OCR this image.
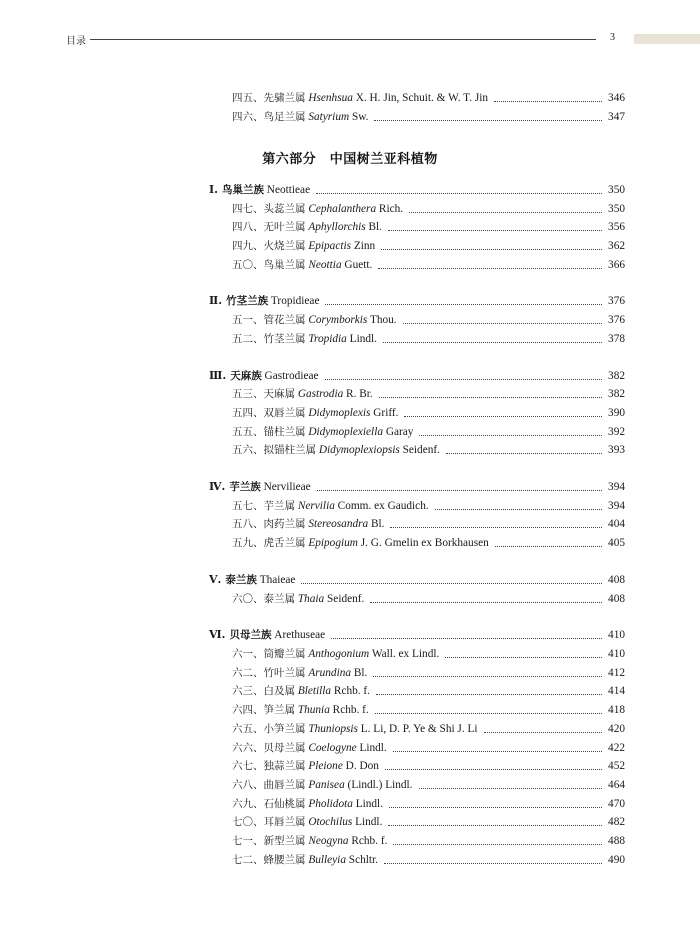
目录	3
第六部分　中国树兰亚科植物
四五、先骕兰属 Hsenhsua X. H. Jin, Schuit. & W. T. Jin	346
四六、鸟足兰属 Satyrium Sw.	347
Ⅰ. 鸟巢兰族 Neottieae	350
四七、头蕊兰属 Cephalanthera Rich.	350
四八、无叶兰属 Aphyllorchis Bl.	356
四九、火烧兰属 Epipactis Zinn	362
五〇、鸟巢兰属 Neottia Guett.	366
Ⅱ. 竹茎兰族 Tropidieae	376
五一、管花兰属 Corymborkis Thou.	376
五二、竹茎兰属 Tropidia Lindl.	378
Ⅲ. 天麻族 Gastrodieae	382
五三、天麻属 Gastrodia R. Br.	382
五四、双唇兰属 Didymoplexis Griff.	390
五五、锚柱兰属 Didymoplexiella Garay	392
五六、拟锚柱兰属 Didymoplexiopsis Seidenf.	393
Ⅳ. 芋兰族 Nervilieae	394
五七、芋兰属 Nervilia Comm. ex Gaudich.	394
五八、肉药兰属 Stereosandra Bl.	404
五九、虎舌兰属 Epipogium J. G. Gmelin ex Borkhausen	405
Ⅴ. 泰兰族 Thaieae	408
六〇、泰兰属 Thaia Seidenf.	408
Ⅵ. 贝母兰族 Arethuseae	410
六一、筒瓣兰属 Anthogonium Wall. ex Lindl.	410
六二、竹叶兰属 Arundina Bl.	412
六三、白及属 Bletilla Rchb. f.	414
六四、笋兰属 Thunia Rchb. f.	418
六五、小笋兰属 Thuniopsis L. Li, D. P. Ye & Shi J. Li	420
六六、贝母兰属 Coelogyne Lindl.	422
六七、独蒜兰属 Pleione D. Don	452
六八、曲唇兰属 Panisea (Lindl.) Lindl.	464
六九、石仙桃属 Pholidota Lindl.	470
七〇、耳唇兰属 Otochilus Lindl.	482
七一、新型兰属 Neogyna Rchb. f.	488
七二、蜂腰兰属 Bulleyia Schltr.	490
